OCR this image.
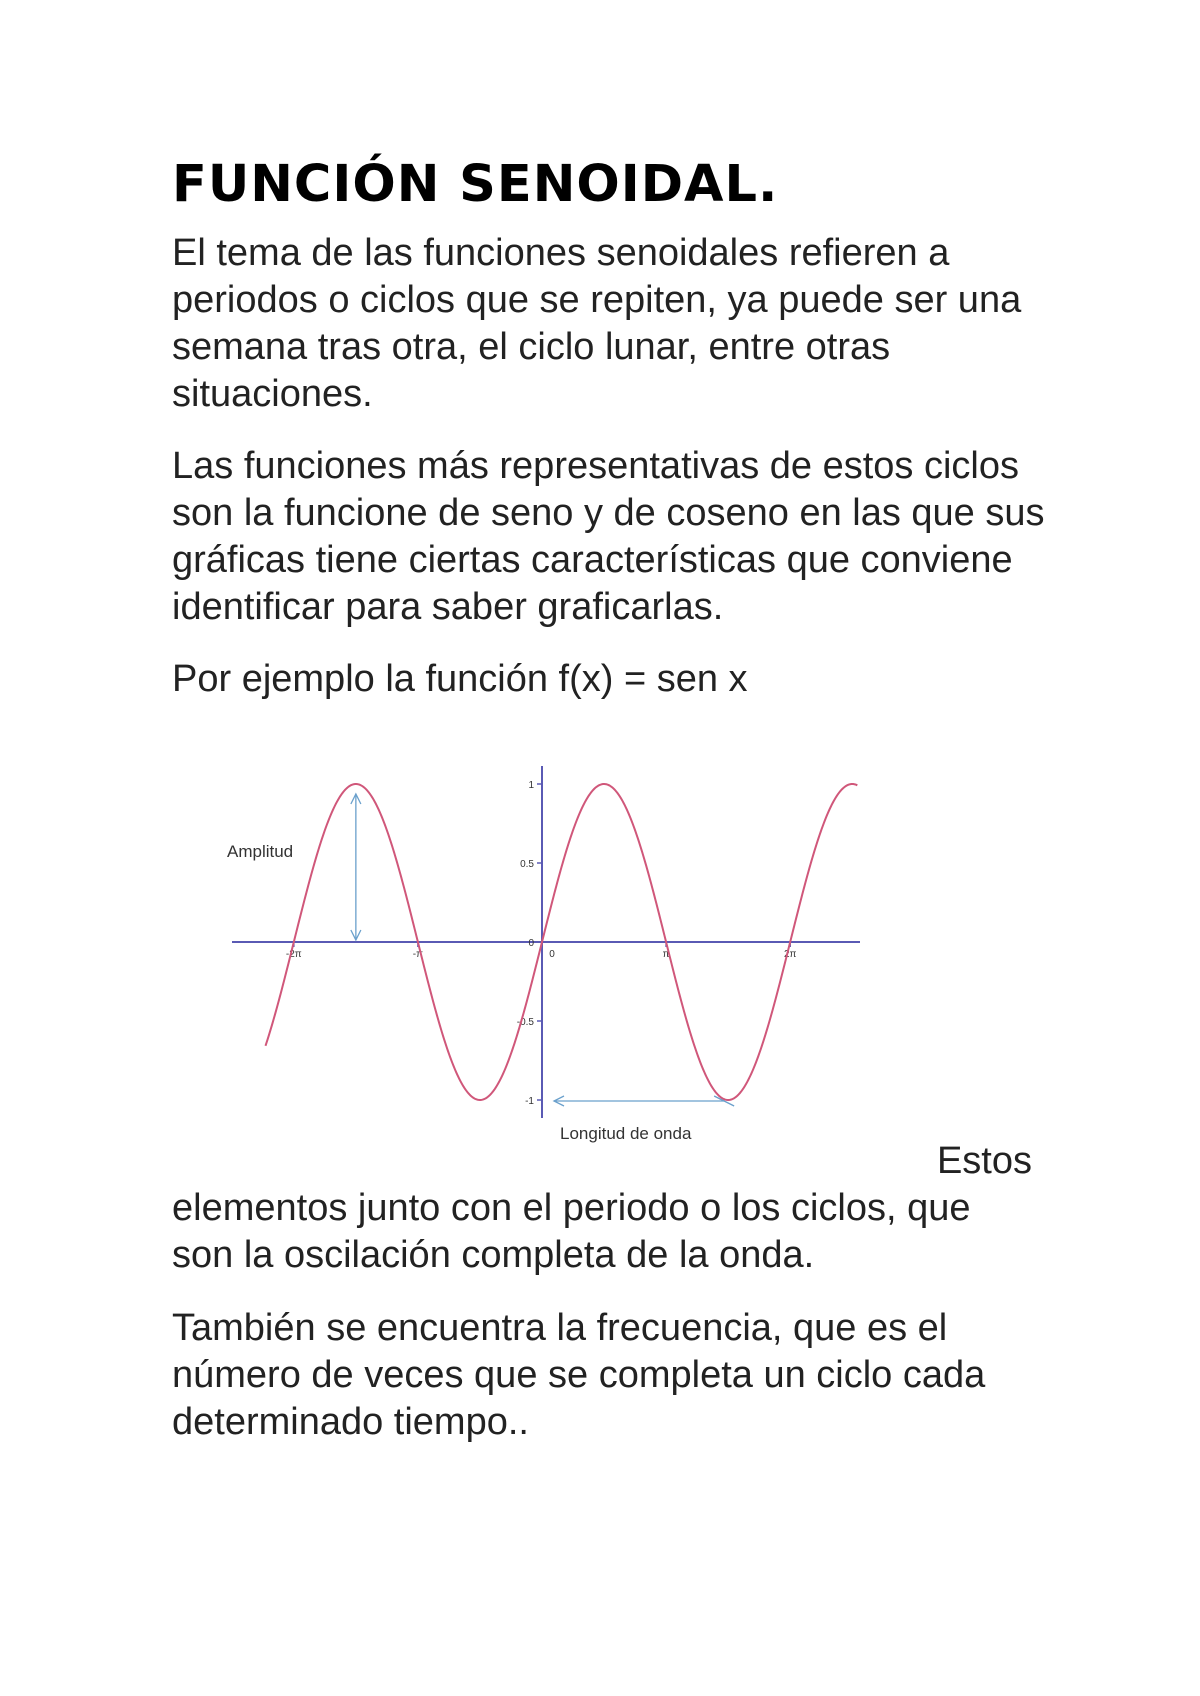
FUNCIÓN SENOIDAL.

El tema de las funciones senoidales refieren a periodos o ciclos que se repiten, ya puede ser una semana tras otra, el ciclo lunar, entre otras situaciones.

Las funciones más representativas de estos ciclos son la funcione de seno y de coseno en las que sus gráficas tiene ciertas características que conviene identificar para saber graficarlas.

Por ejemplo la función f(x) = sen x

1
0.5
0
-0.5
-1
-2π	-π	0	π	2π
Amplitud
Longitud de onda

Estos
elementos junto con el periodo o los ciclos, que son la oscilación completa de la onda.

También se encuentra la frecuencia, que es el número de veces que se completa un ciclo cada determinado tiempo..
